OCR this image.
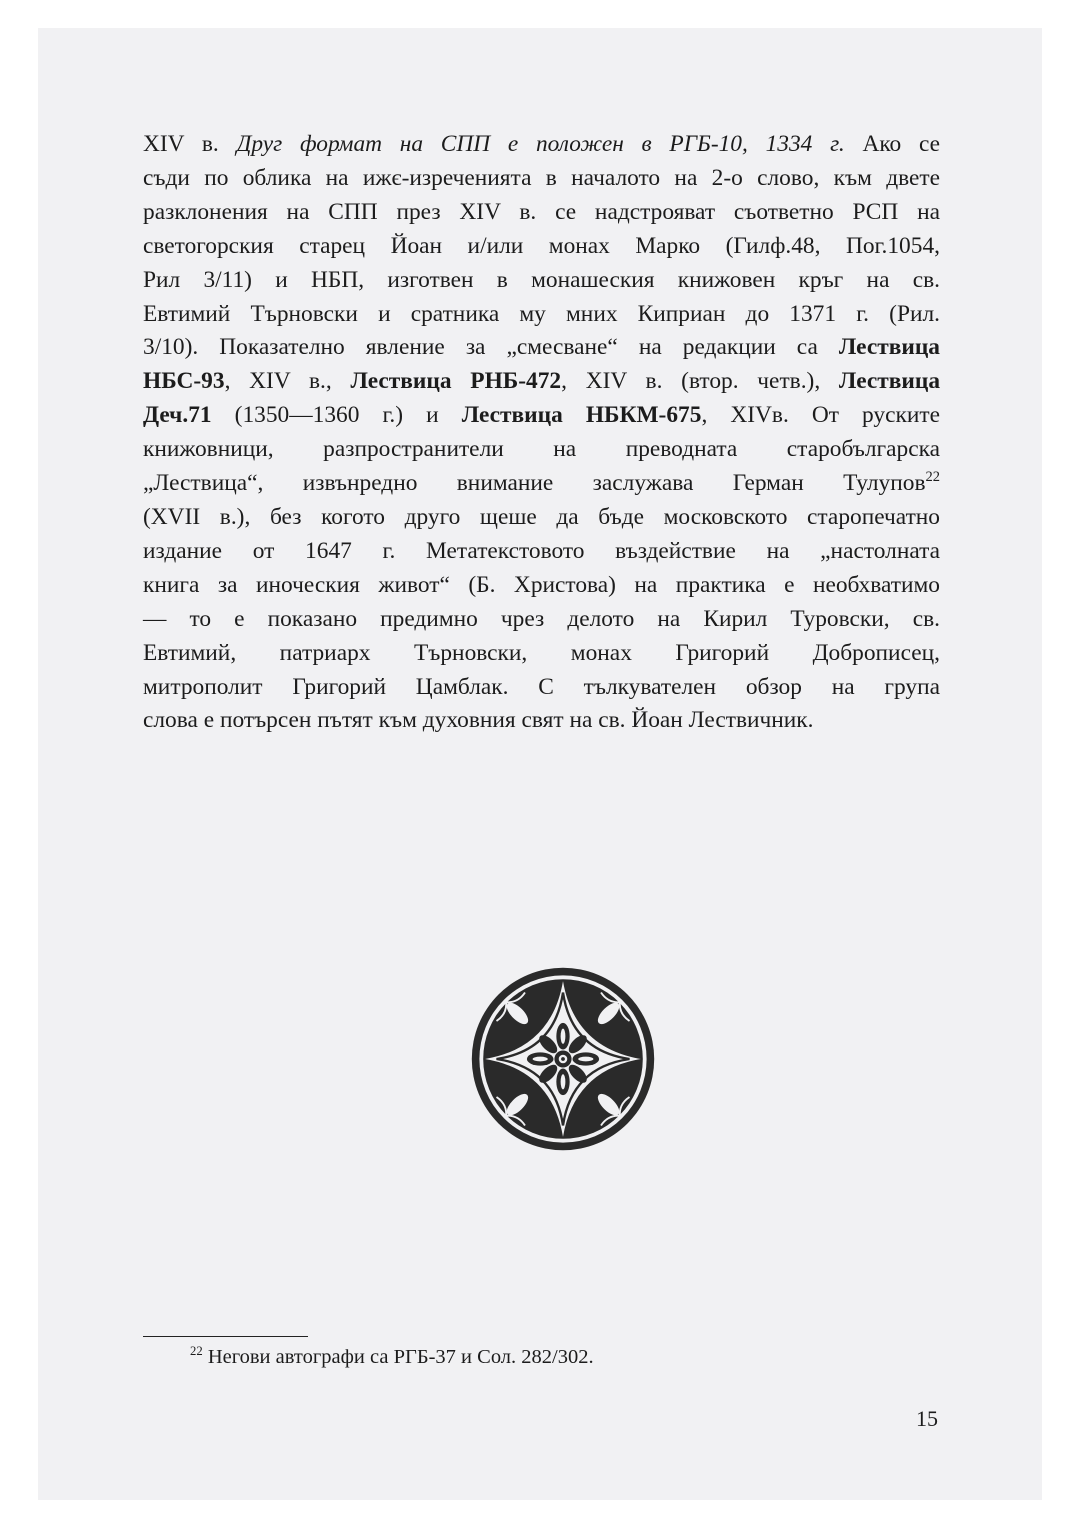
XIV в. Друг формат на СПП е положен в РГБ-10, 1334 г. Ако се
съди по облика на ижє-изреченията в началото на 2-о слово, към двете
разклонения на СПП през XIV в. се надстрояват съответно РСП на
светогорския старец Йоан и/или монах Марко (Гилф.48, Пог.1054,
Рил 3/11) и НБП, изготвен в монашеския книжовен кръг на св.
Евтимий Търновски и сратника му мних Киприан до 1371 г. (Рил.
3/10). Показателно явление за „смесване“ на редакции са Лествица
НБС-93, XIV в., Лествица РНБ-472, XIV в. (втор. четв.), Лествица
Деч.71 (1350—1360 г.) и Лествица НБКМ-675, XIVв. От руските
книжовници, разпространители на преводната старобългарска
„Лествица“, извънредно внимание заслужава Герман Тулупов$^{22}$
(XVII в.), без когото друго щеше да бъде московското старопечатно
издание от 1647 г. Метатекстовото въздействие на „настолната
книга за иноческия живот“ (Б. Христова) на практика е необхватимо
— то е показано предимно чрез делото на Кирил Туровски, св.
Евтимий, патриарх Търновски, монах Григорий Доброписец,
митрополит Григорий Цамблак. С тълкувателен обзор на група
слова е потърсен пътят към духовния свят на св. Йоан Лествичник.
$^{22}$ Негови автографи са РГБ-37 и Сол. 282/302.
15
